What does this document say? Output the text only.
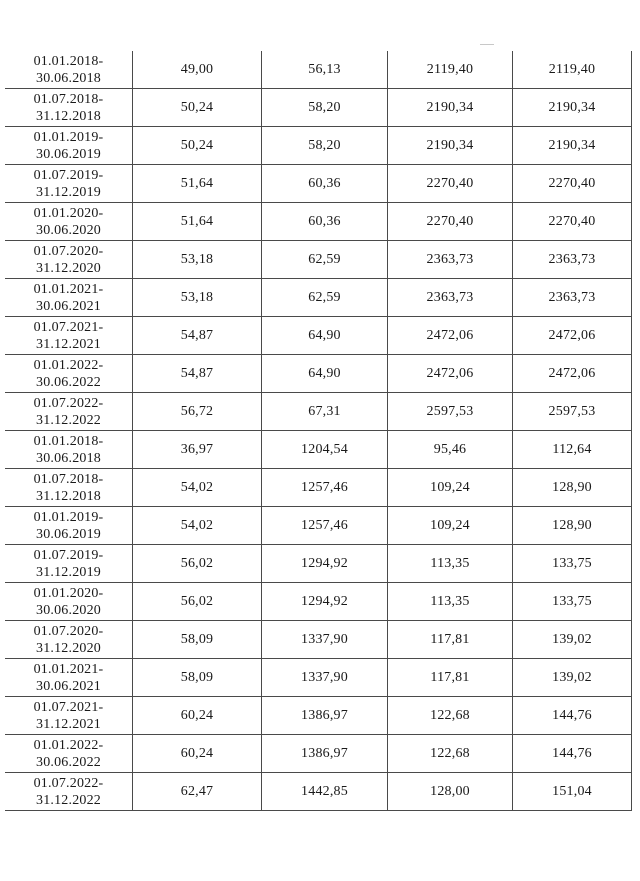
01.01.2018-
30.06.2018	49,00	56,13	2119,40	2119,40

01.07.2018-
31.12.2018	50,24	58,20	2190,34	2190,34

01.01.2019-
30.06.2019	50,24	58,20	2190,34	2190,34

01.07.2019-
31.12.2019	51,64	60,36	2270,40	2270,40

01.01.2020-
30.06.2020	51,64	60,36	2270,40	2270,40

01.07.2020-
31.12.2020	53,18	62,59	2363,73	2363,73

01.01.2021-
30.06.2021	53,18	62,59	2363,73	2363,73

01.07.2021-
31.12.2021	54,87	64,90	2472,06	2472,06

01.01.2022-
30.06.2022	54,87	64,90	2472,06	2472,06

01.07.2022-
31.12.2022	56,72	67,31	2597,53	2597,53

01.01.2018-
30.06.2018	36,97	1204,54	95,46	112,64

01.07.2018-
31.12.2018	54,02	1257,46	109,24	128,90

01.01.2019-
30.06.2019	54,02	1257,46	109,24	128,90

01.07.2019-
31.12.2019	56,02	1294,92	113,35	133,75

01.01.2020-
30.06.2020	56,02	1294,92	113,35	133,75

01.07.2020-
31.12.2020	58,09	1337,90	117,81	139,02

01.01.2021-
30.06.2021	58,09	1337,90	117,81	139,02

01.07.2021-
31.12.2021	60,24	1386,97	122,68	144,76

01.01.2022-
30.06.2022	60,24	1386,97	122,68	144,76

01.07.2022-
31.12.2022	62,47	1442,85	128,00	151,04
